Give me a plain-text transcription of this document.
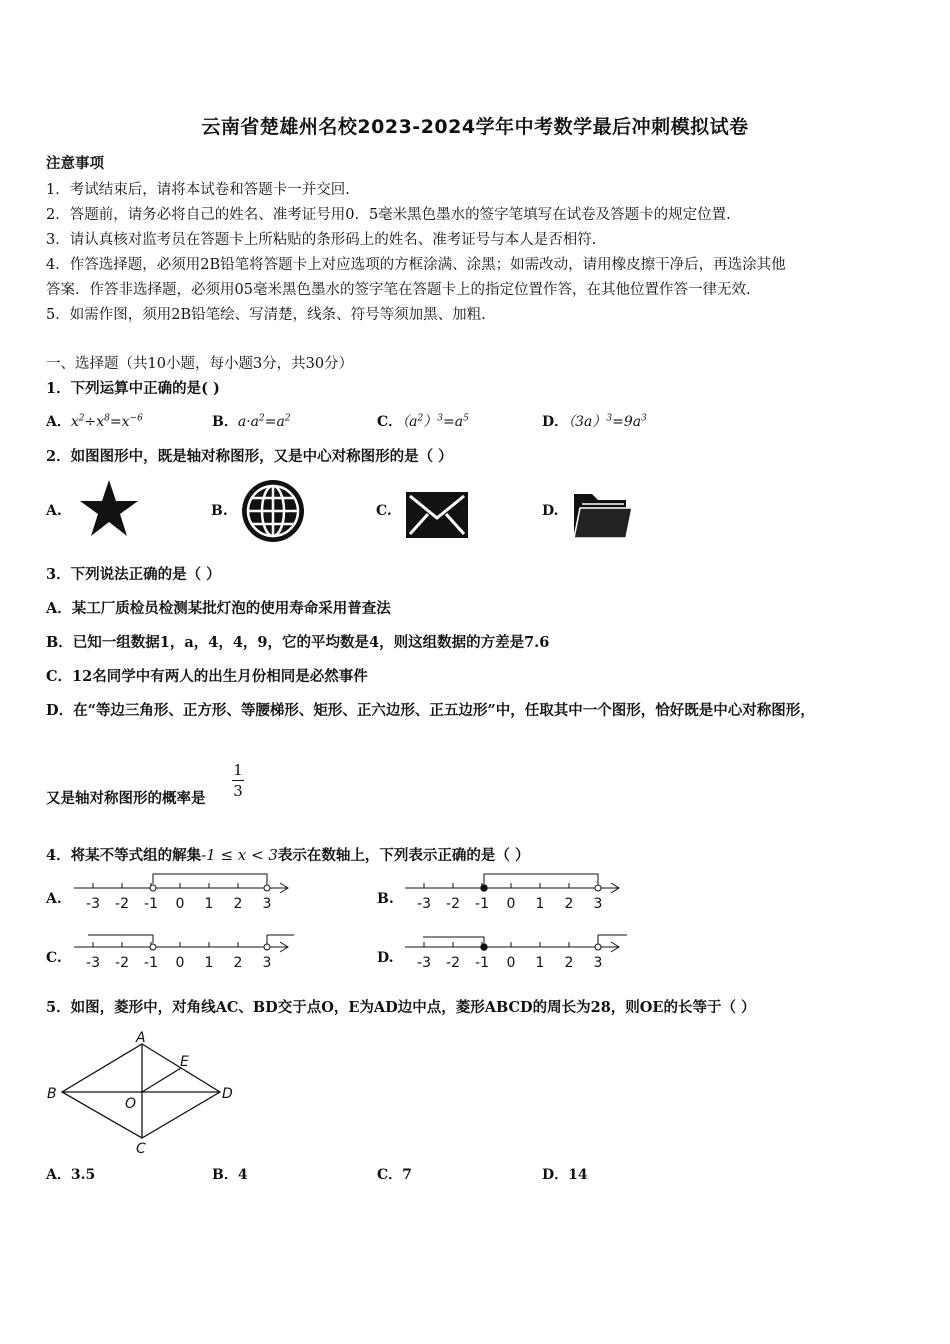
云南省楚雄州名校2023-2024学年中考数学最后冲刺模拟试卷
注意事项
1．考试结束后，请将本试卷和答题卡一并交回.
2．答题前，请务必将自己的姓名、准考证号用0．5毫米黑色墨水的签字笔填写在试卷及答题卡的规定位置.
3．请认真核对监考员在答题卡上所粘贴的条形码上的姓名、准考证号与本人是否相符.
4．作答选择题，必须用2B铅笔将答题卡上对应选项的方框涂满、涂黑；如需改动，请用橡皮擦干净后，再选涂其他
答案．作答非选择题，必须用05毫米黑色墨水的签字笔在答题卡上的指定位置作答，在其他位置作答一律无效.
5．如需作图，须用2B铅笔绘、写清楚，线条、符号等须加黑、加粗.
一、选择题（共10小题，每小题3分，共30分）
1．下列运算中正确的是( )
A．$x^2\div x^8=x^{-6}$	B．$a\cdot a^2=a^2$	C．$(a^2)^3=a^5$	D．$(3a)^3=9a^3$
2．如图图形中，既是轴对称图形，又是中心对称图形的是（ ）
A.	B.	C.	D.
3．下列说法正确的是（ ）
A．某工厂质检员检测某批灯泡的使用寿命采用普查法
B．已知一组数据1，a，4，4，9，它的平均数是4，则这组数据的方差是7.6
C．12名同学中有两人的出生月份相同是必然事件
D．在“等边三角形、正方形、等腰梯形、矩形、正六边形、正五边形”中，任取其中一个图形，恰好既是中心对称图形，
又是轴对称图形的概率是
1
3
4．将某不等式组的解集-1 ≤ x < 3表示在数轴上，下列表示正确的是（ ）
A. -3 -2 -1 0 1 2 3	B. -3 -2 -1 0 1 2 3
C. -3 -2 -1 0 1 2 3	D. -3 -2 -1 0 1 2 3
5．如图，菱形中，对角线AC、BD交于点O，E为AD边中点，菱形ABCD的周长为28，则OE的长等于（ ）
A
B
C
D
O
E
A．3.5	B．4	C．7	D．14
